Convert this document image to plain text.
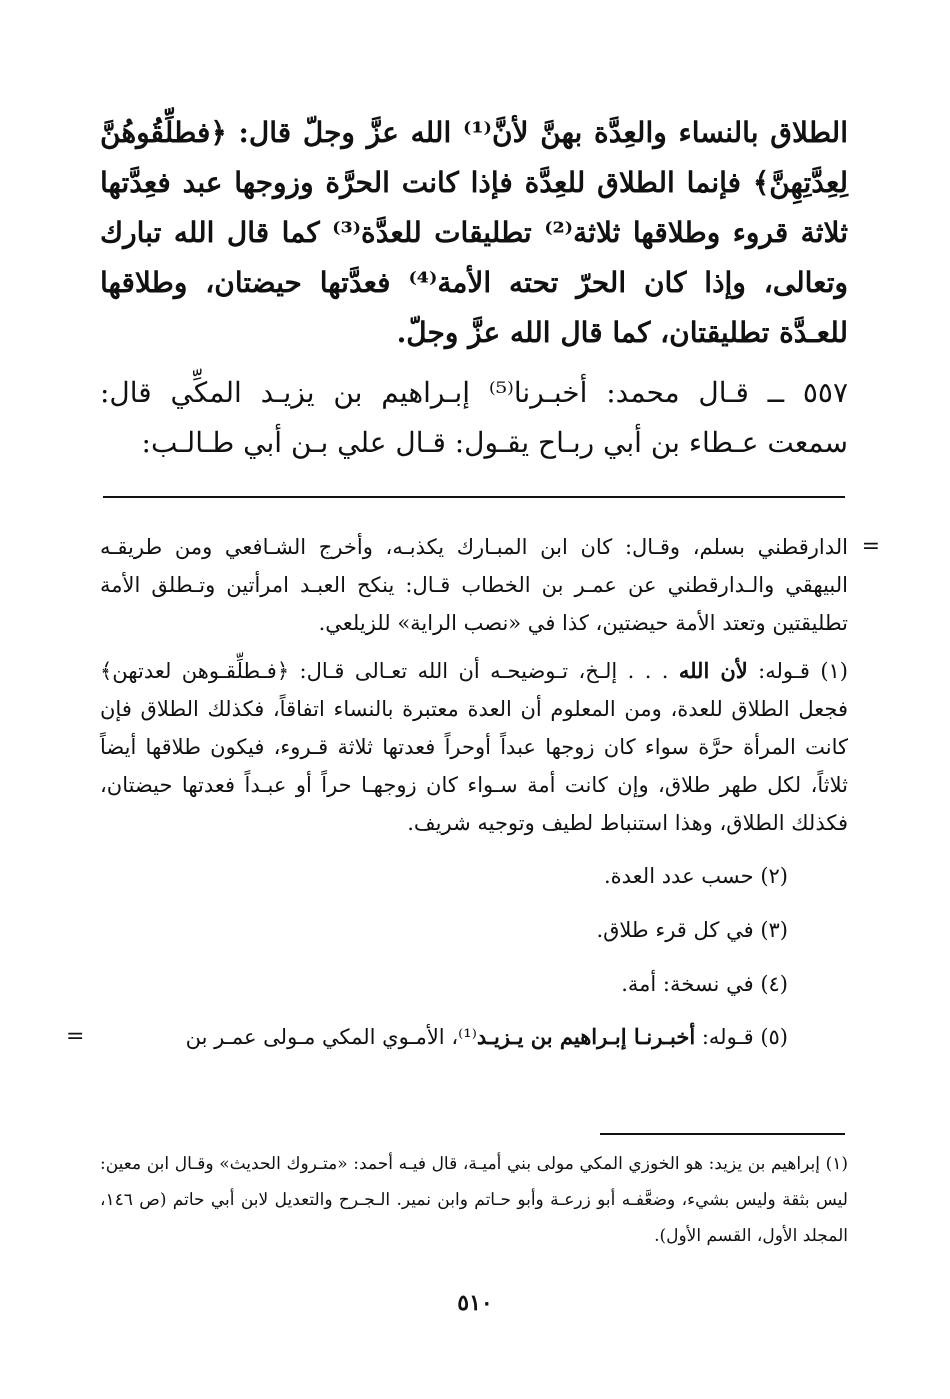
الطلاق بالنساء والعِدَّة بهنَّ لأنَّ⁽¹⁾ الله عزَّ وجلّ قال: ﴿فطلِّقُوهُنَّ لِعِدَّتِهِنَّ﴾ فإنما الطلاق للعِدَّة فإذا كانت الحرَّة وزوجها عبد فعِدَّتها ثلاثة قروء وطلاقها ثلاثة⁽²⁾ تطليقات للعدَّة⁽³⁾ كما قال الله تبارك وتعالى، وإذا كان الحرّ تحته الأمة⁽⁴⁾ فعدَّتها حيضتان، وطلاقها للعـدَّة تطليقتان، كما قال الله عزَّ وجلّ.

٥٥٧ ــ قـال محمد: أخبـرنا⁽⁵⁾ إبـراهيم بن يزيـد المكِّي قال: سمعت عـطاء بن أبي ربـاح يقـول: قـال علي بـن أبي طـالـب:

=
الدارقطني بسلم، وقـال: كان ابن المبـارك يكذبـه، وأخرج الشـافعي ومن طريقـه البيهقي والـدارقطني عن عمـر بن الخطاب قـال: ينكح العبـد امرأتين وتـطلق الأمة تطليقتين وتعتد الأمة حيضتين، كذا في «نصب الراية» للزيلعي.

(١) قـوله: لأن الله . . . إلـخ، تـوضيحـه أن الله تعـالى قـال: ﴿فـطلِّقـوهن لعدتهن﴾ فجعل الطلاق للعدة، ومن المعلوم أن العدة معتبرة بالنساء اتفاقاً، فكذلك الطلاق فإن كانت المرأة حرَّة سواء كان زوجها عبداً أوحراً فعدتها ثلاثة قـروء، فيكون طلاقها أيضاً ثلاثاً، لكل طهر طلاق، وإن كانت أمة سـواء كان زوجهـا حراً أو عبـداً فعدتها حيضتان، فكذلك الطلاق، وهذا استنباط لطيف وتوجيه شريف.

(٢) حسب عدد العدة.

(٣) في كل قرء طلاق.

(٤) في نسخة: أمة.

(٥) قـوله: أخبـرنـا إبـراهيم بن يـزيـد⁽¹⁾، الأمـوي المكي مـولى عمـر بن
=

(١) إبراهيم بن يزيد: هو الخوزي المكي مولى بني أميـة، قال فيـه أحمد: «متـروك الحديث» وقـال ابن معين: ليس بثقة وليس بشيء، وضعَّفـه أبو زرعـة وأبو حـاتم وابن نمير. الـجـرح والتعديل لابن أبي حاتم (ص ١٤٦، المجلد الأول، القسم الأول).

٥١٠
